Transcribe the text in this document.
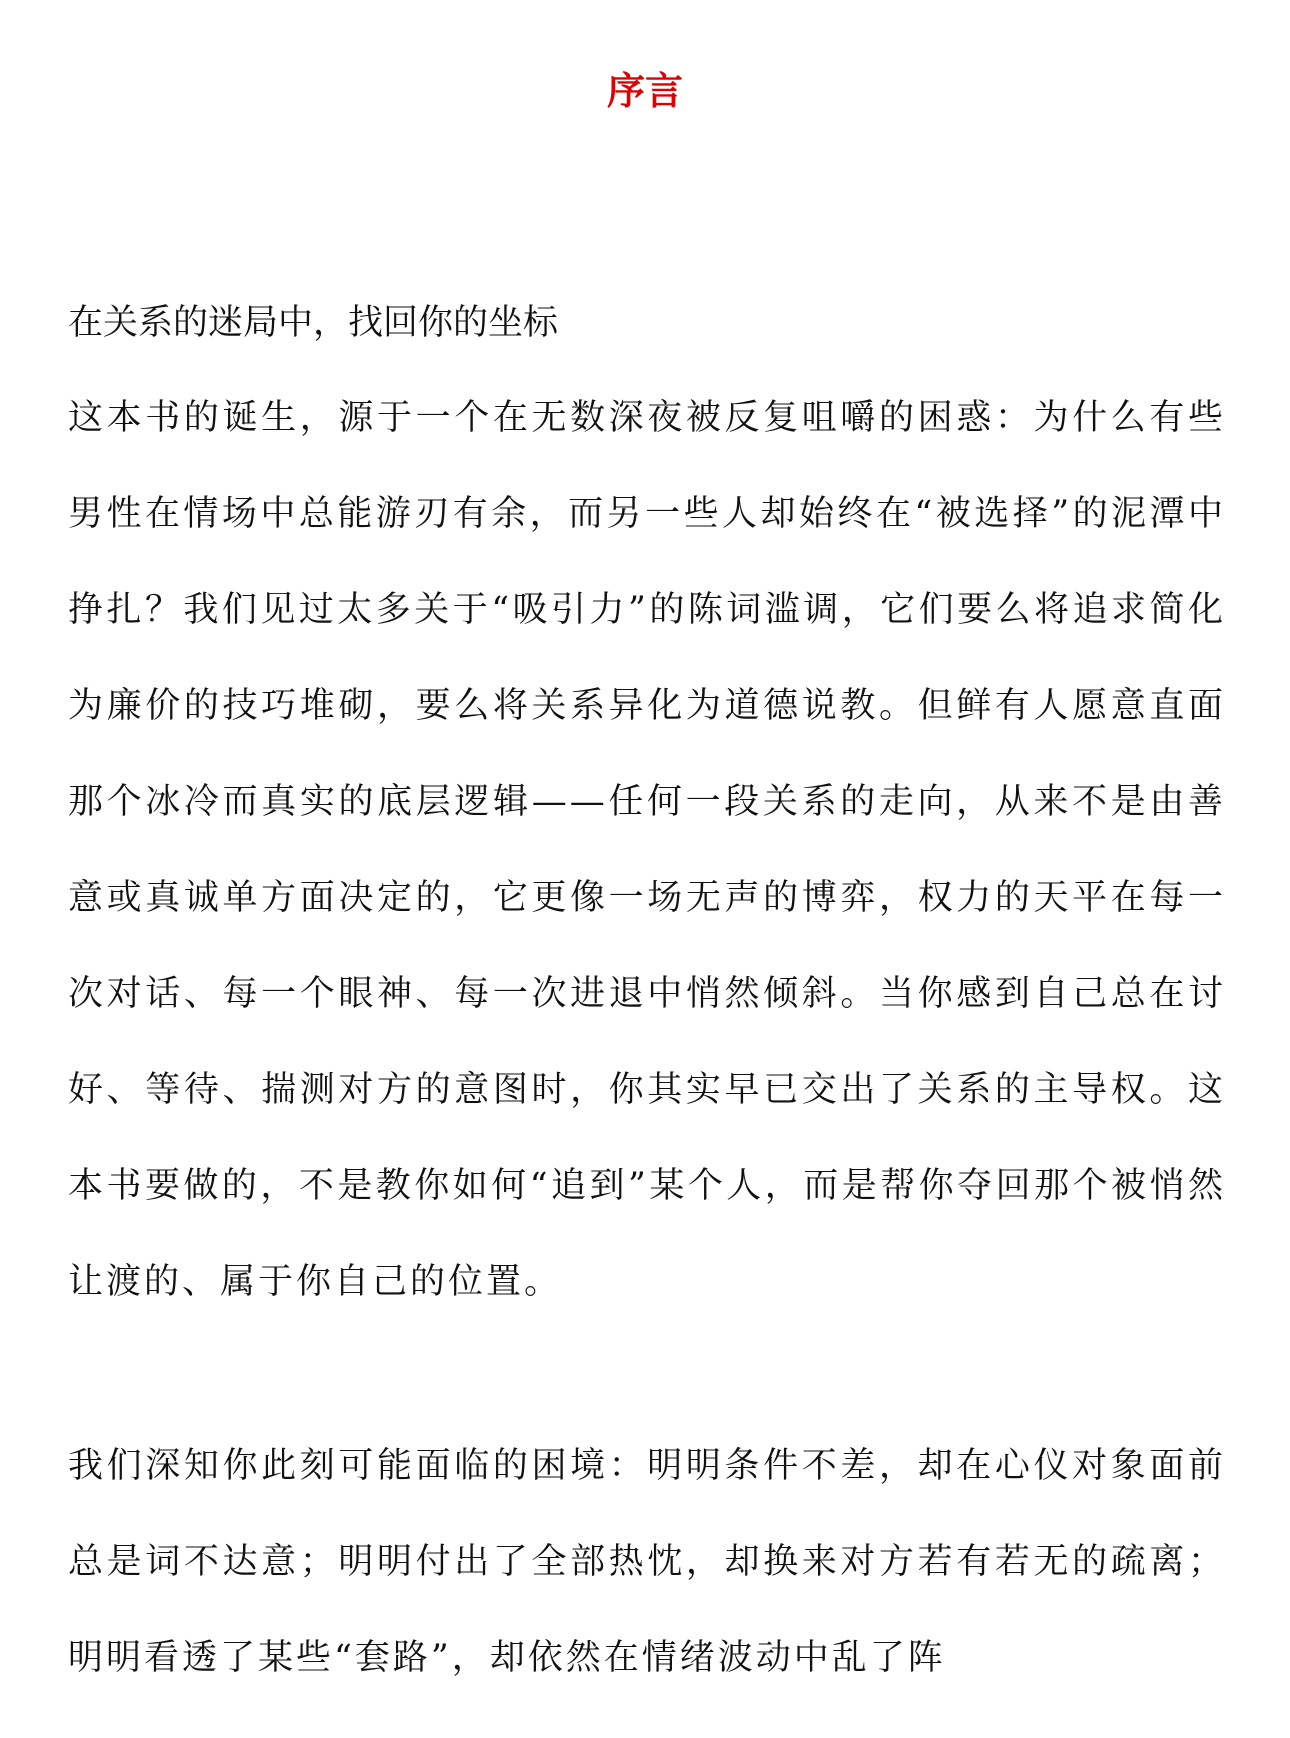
序言

在关系的迷局中，找回你的坐标

这本书的诞生，源于一个在无数深夜被反复咀嚼的困惑：为什么有些男性在情场中总能游刃有余，而另一些人却始终在“被选择”的泥潭中挣扎？我们见过太多关于“吸引力”的陈词滥调，它们要么将追求简化为廉价的技巧堆砌，要么将关系异化为道德说教。但鲜有人愿意直面那个冰冷而真实的底层逻辑——任何一段关系的走向，从来不是由善意或真诚单方面决定的，它更像一场无声的博弈，权力的天平在每一次对话、每一个眼神、每一次进退中悄然倾斜。当你感到自己总在讨好、等待、揣测对方的意图时，你其实早已交出了关系的主导权。这本书要做的，不是教你如何“追到”某个人，而是帮你夺回那个被悄然让渡的、属于你自己的位置。

我们深知你此刻可能面临的困境：明明条件不差，却在心仪对象面前总是词不达意；明明付出了全部热忱，却换来对方若有若无的疏离；明明看透了某些“套路”，却依然在情绪波动中乱了阵
